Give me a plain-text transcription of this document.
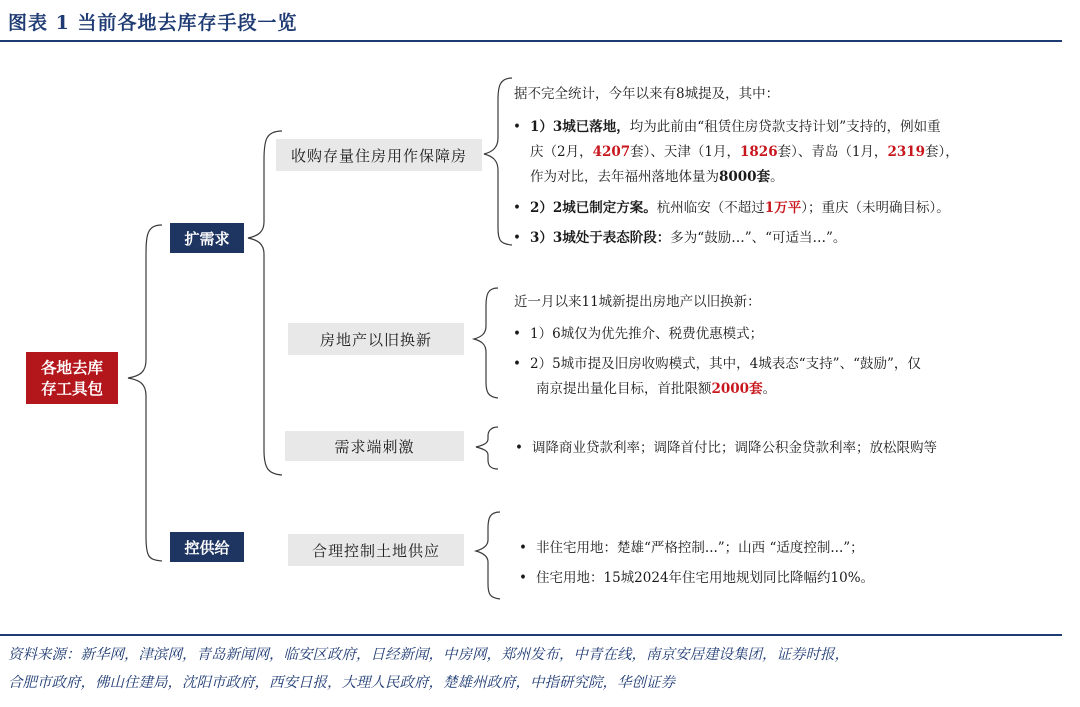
图表 1 当前各地去库存手段一览
各地去库
存工具包
扩需求
控供给
收购存量住房用作保障房
房地产以旧换新
需求端刺激
合理控制土地供应
据不完全统计，今年以来有8城提及，其中：
• 1）3城已落地，均为此前由“租赁住房贷款支持计划”支持的，例如重
庆（2月，4207套）、天津（1月，1826套）、青岛（1月，2319套），
作为对比，去年福州落地体量为8000套。
• 2）2城已制定方案。杭州临安（不超过1万平）；重庆（未明确目标）。
• 3）3城处于表态阶段：多为“鼓励…”、“可适当…”。
近一月以来11城新提出房地产以旧换新：
• 1）6城仅为优先推介、税费优惠模式；
• 2）5城市提及旧房收购模式，其中，4城表态“支持”、“鼓励”，仅
南京提出量化目标，首批限额2000套。
• 调降商业贷款利率；调降首付比；调降公积金贷款利率；放松限购等
• 非住宅用地：楚雄“严格控制...”；山西 “适度控制...”；
• 住宅用地：15城2024年住宅用地规划同比降幅约10%。
资料来源：新华网，津滨网，青岛新闻网，临安区政府，日经新闻，中房网，郑州发布，中青在线，南京安居建设集团，证券时报，
合肥市政府，佛山住建局，沈阳市政府，西安日报，大理人民政府，楚雄州政府，中指研究院，华创证券
